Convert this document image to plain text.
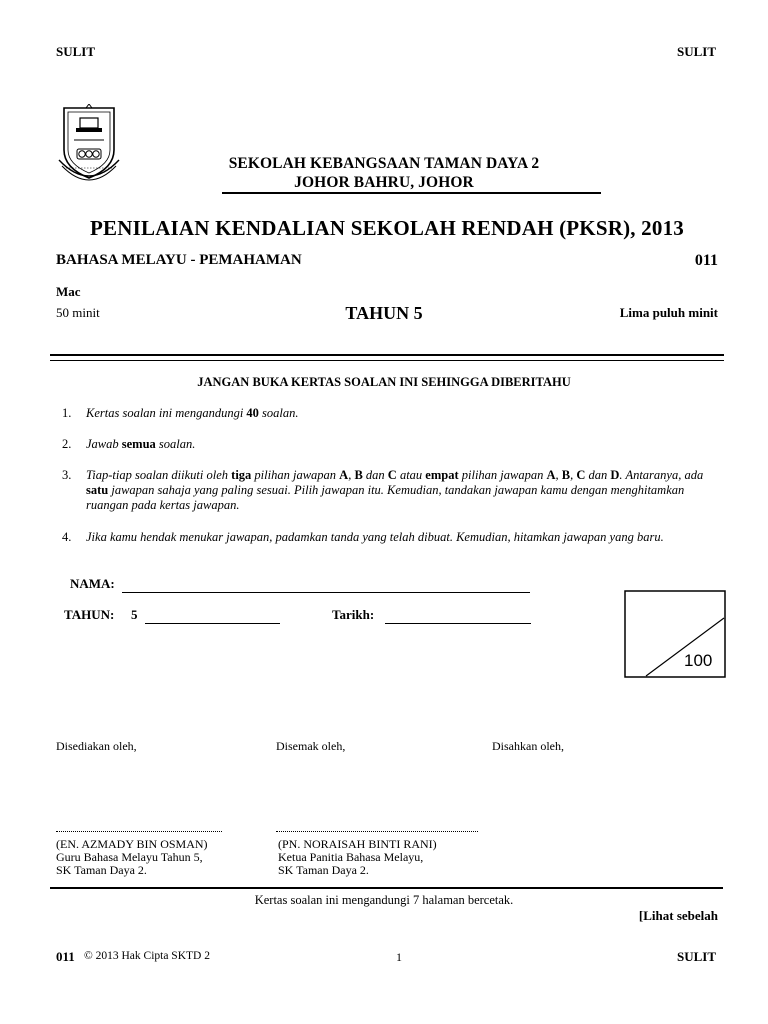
SULIT	SULIT
SEKOLAH KEBANGSAAN TAMAN DAYA 2
JOHOR BAHRU, JOHOR
PENILAIAN KENDALIAN SEKOLAH RENDAH (PKSR), 2013
BAHASA MELAYU - PEMAHAMAN	011
Mac
50 minit	TAHUN 5	Lima puluh minit
JANGAN BUKA KERTAS SOALAN INI SEHINGGA DIBERITAHU
1. Kertas soalan ini mengandungi 40 soalan.
2. Jawab semua soalan.
3. Tiap-tiap soalan diikuti oleh tiga pilihan jawapan A, B dan C atau empat pilihan jawapan A, B, C dan D. Antaranya, ada satu jawapan sahaja yang paling sesuai. Pilih jawapan itu. Kemudian, tandakan jawapan kamu dengan menghitamkan ruangan pada kertas jawapan.
4. Jika kamu hendak menukar jawapan, padamkan tanda yang telah dibuat. Kemudian, hitamkan jawapan yang baru.
NAMA:
TAHUN: 5	Tarikh:
100
Disediakan oleh,	Disemak oleh,	Disahkan oleh,
(EN. AZMADY BIN OSMAN)
Guru Bahasa Melayu Tahun 5,
SK Taman Daya 2.
(PN. NORAISAH BINTI RANI)
Ketua Panitia Bahasa Melayu,
SK Taman Daya 2.
Kertas soalan ini mengandungi 7 halaman bercetak.
[Lihat sebelah
011 © 2013 Hak Cipta SKTD 2	1	SULIT
